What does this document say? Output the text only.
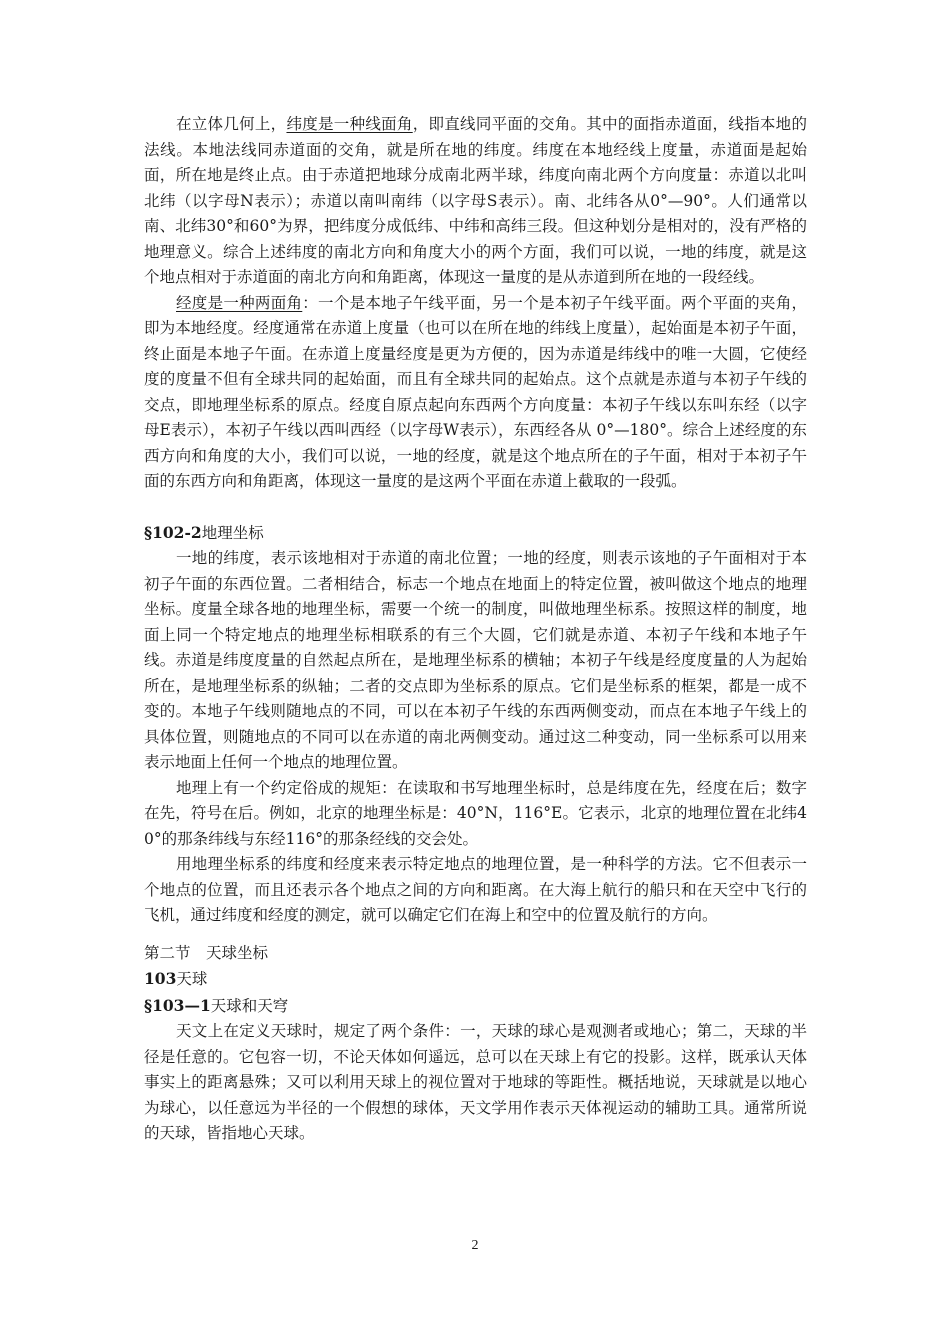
在立体几何上，纬度是一种线面角，即直线同平面的交角。其中的面指赤道面，线指本地的法线。本地法线同赤道面的交角，就是所在地的纬度。纬度在本地经线上度量，赤道面是起始面，所在地是终止点。由于赤道把地球分成南北两半球，纬度向南北两个方向度量：赤道以北叫北纬（以字母N表示）；赤道以南叫南纬（以字母S表示）。南、北纬各从0°—90°。人们通常以南、北纬30°和60°为界，把纬度分成低纬、中纬和高纬三段。但这种划分是相对的，没有严格的地理意义。综合上述纬度的南北方向和角度大小的两个方面，我们可以说，一地的纬度，就是这个地点相对于赤道面的南北方向和角距离，体现这一量度的是从赤道到所在地的一段经线。

经度是一种两面角：一个是本地子午线平面，另一个是本初子午线平面。两个平面的夹角，即为本地经度。经度通常在赤道上度量（也可以在所在地的纬线上度量），起始面是本初子午面，终止面是本地子午面。在赤道上度量经度是更为方便的，因为赤道是纬线中的唯一大圆，它使经度的度量不但有全球共同的起始面，而且有全球共同的起始点。这个点就是赤道与本初子午线的交点，即地理坐标系的原点。经度自原点起向东西两个方向度量：本初子午线以东叫东经（以字母E表示），本初子午线以西叫西经（以字母W表示），东西经各从 0°—180°。综合上述经度的东西方向和角度的大小，我们可以说，一地的经度，就是这个地点所在的子午面，相对于本初子午面的东西方向和角距离，体现这一量度的是这两个平面在赤道上截取的一段弧。

§102-2地理坐标

一地的纬度，表示该地相对于赤道的南北位置；一地的经度，则表示该地的子午面相对于本初子午面的东西位置。二者相结合，标志一个地点在地面上的特定位置，被叫做这个地点的地理坐标。度量全球各地的地理坐标，需要一个统一的制度，叫做地理坐标系。按照这样的制度，地面上同一个特定地点的地理坐标相联系的有三个大圆，它们就是赤道、本初子午线和本地子午线。赤道是纬度度量的自然起点所在，是地理坐标系的横轴；本初子午线是经度度量的人为起始所在，是地理坐标系的纵轴；二者的交点即为坐标系的原点。它们是坐标系的框架，都是一成不变的。本地子午线则随地点的不同，可以在本初子午线的东西两侧变动，而点在本地子午线上的具体位置，则随地点的不同可以在赤道的南北两侧变动。通过这二种变动，同一坐标系可以用来表示地面上任何一个地点的地理位置。

地理上有一个约定俗成的规矩：在读取和书写地理坐标时，总是纬度在先，经度在后；数字在先，符号在后。例如，北京的地理坐标是：40°N，116°E。它表示，北京的地理位置在北纬40°的那条纬线与东经116°的那条经线的交会处。

用地理坐标系的纬度和经度来表示特定地点的地理位置，是一种科学的方法。它不但表示一个地点的位置，而且还表示各个地点之间的方向和距离。在大海上航行的船只和在天空中飞行的飞机，通过纬度和经度的测定，就可以确定它们在海上和空中的位置及航行的方向。

第二节　天球坐标

103天球

§103—1天球和天穹

天文上在定义天球时，规定了两个条件：一，天球的球心是观测者或地心；第二，天球的半径是任意的。它包容一切，不论天体如何遥远，总可以在天球上有它的投影。这样，既承认天体事实上的距离悬殊；又可以利用天球上的视位置对于地球的等距性。概括地说，天球就是以地心为球心，以任意远为半径的一个假想的球体，天文学用作表示天体视运动的辅助工具。通常所说的天球，皆指地心天球。

2
